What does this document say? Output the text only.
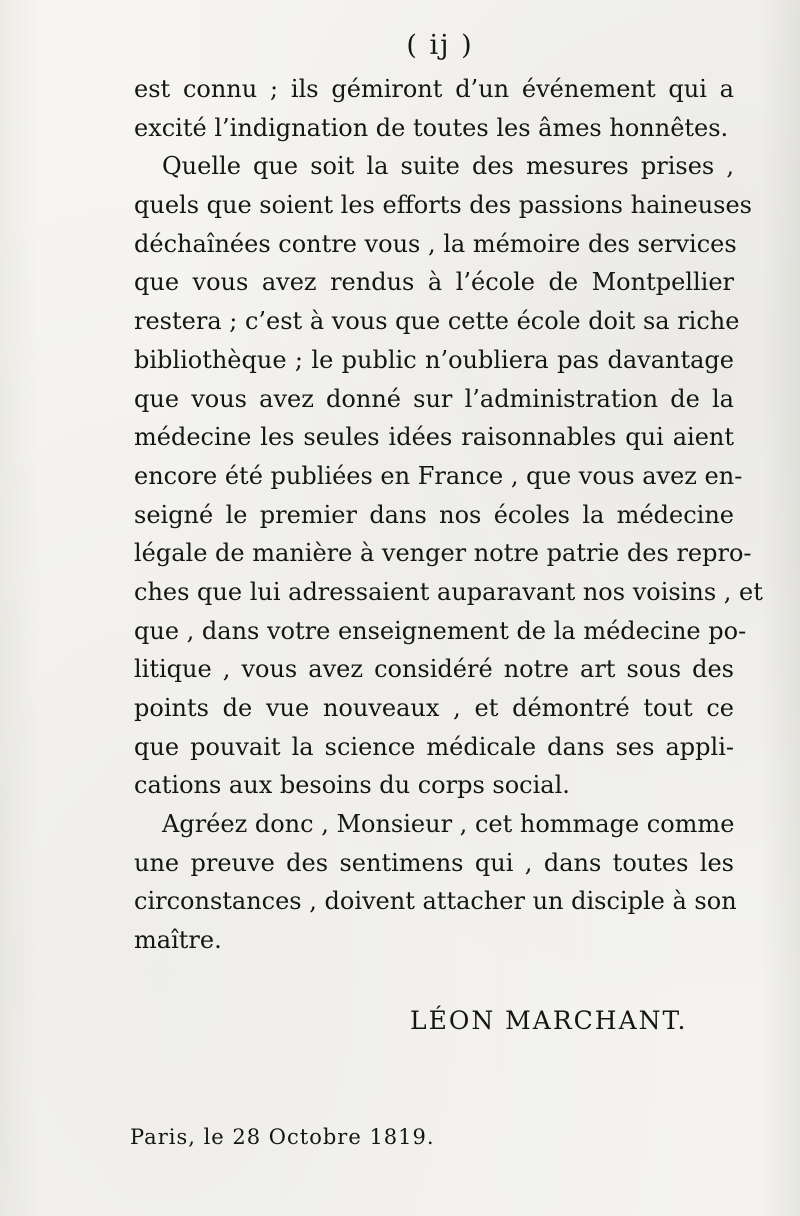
( ij )
est connu ; ils gémiront d’un événement qui a
excité l’indignation de toutes les âmes honnêtes.
Quelle que soit la suite des mesures prises ,
quels que soient les efforts des passions haineuses
déchaînées contre vous , la mémoire des services
que vous avez rendus à l’école de Montpellier
restera ; c’est à vous que cette école doit sa riche
bibliothèque ; le public n’oubliera pas davantage
que vous avez donné sur l’administration de la
médecine les seules idées raisonnables qui aient
encore été publiées en France , que vous avez en-
seigné le premier dans nos écoles la médecine
légale de manière à venger notre patrie des repro-
ches que lui adressaient auparavant nos voisins , et
que , dans votre enseignement de la médecine po-
litique , vous avez considéré notre art sous des
points de vue nouveaux , et démontré tout ce
que pouvait la science médicale dans ses appli-
cations aux besoins du corps social.
Agréez donc , Monsieur , cet hommage comme
une preuve des sentimens qui , dans toutes les
circonstances , doivent attacher un disciple à son
maître.
LÉON MARCHANT.
Paris, le 28 Octobre 1819.
